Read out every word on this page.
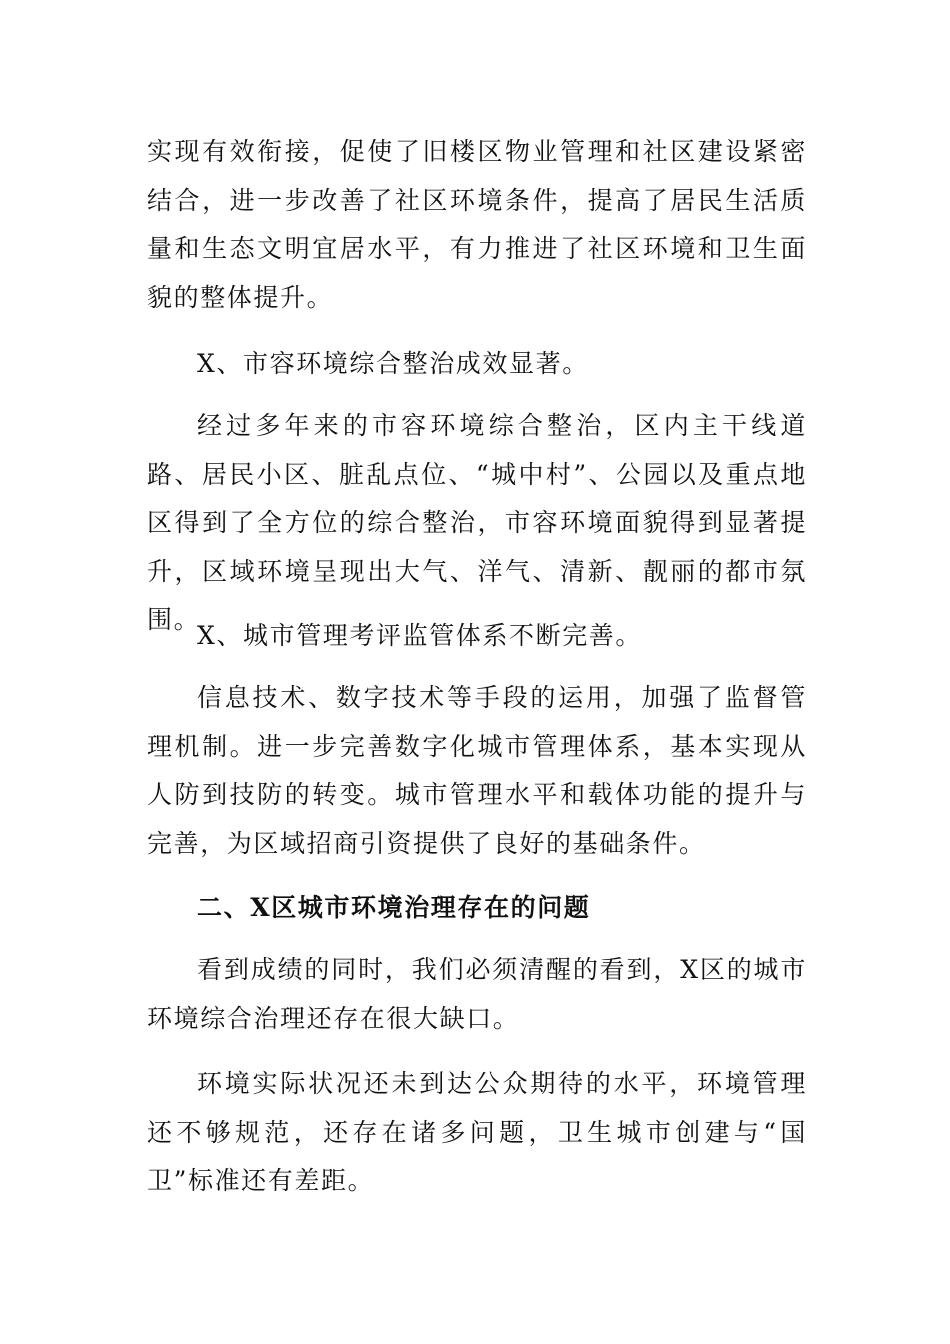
实现有效衔接，促使了旧楼区物业管理和社区建设紧密结合，进一步改善了社区环境条件，提高了居民生活质量和生态文明宜居水平，有力推进了社区环境和卫生面貌的整体提升。

X、市容环境综合整治成效显著。

经过多年来的市容环境综合整治，区内主干线道路、居民小区、脏乱点位、“城中村”、公园以及重点地区得到了全方位的综合整治，市容环境面貌得到显著提升，区域环境呈现出大气、洋气、清新、靓丽的都市氛围。

X、城市管理考评监管体系不断完善。

信息技术、数字技术等手段的运用，加强了监督管理机制。进一步完善数字化城市管理体系，基本实现从人防到技防的转变。城市管理水平和载体功能的提升与完善，为区域招商引资提供了良好的基础条件。

二、X区城市环境治理存在的问题

看到成绩的同时，我们必须清醒的看到，X区的城市环境综合治理还存在很大缺口。

环境实际状况还未到达公众期待的水平，环境管理还不够规范，还存在诸多问题，卫生城市创建与“国卫”标准还有差距。
